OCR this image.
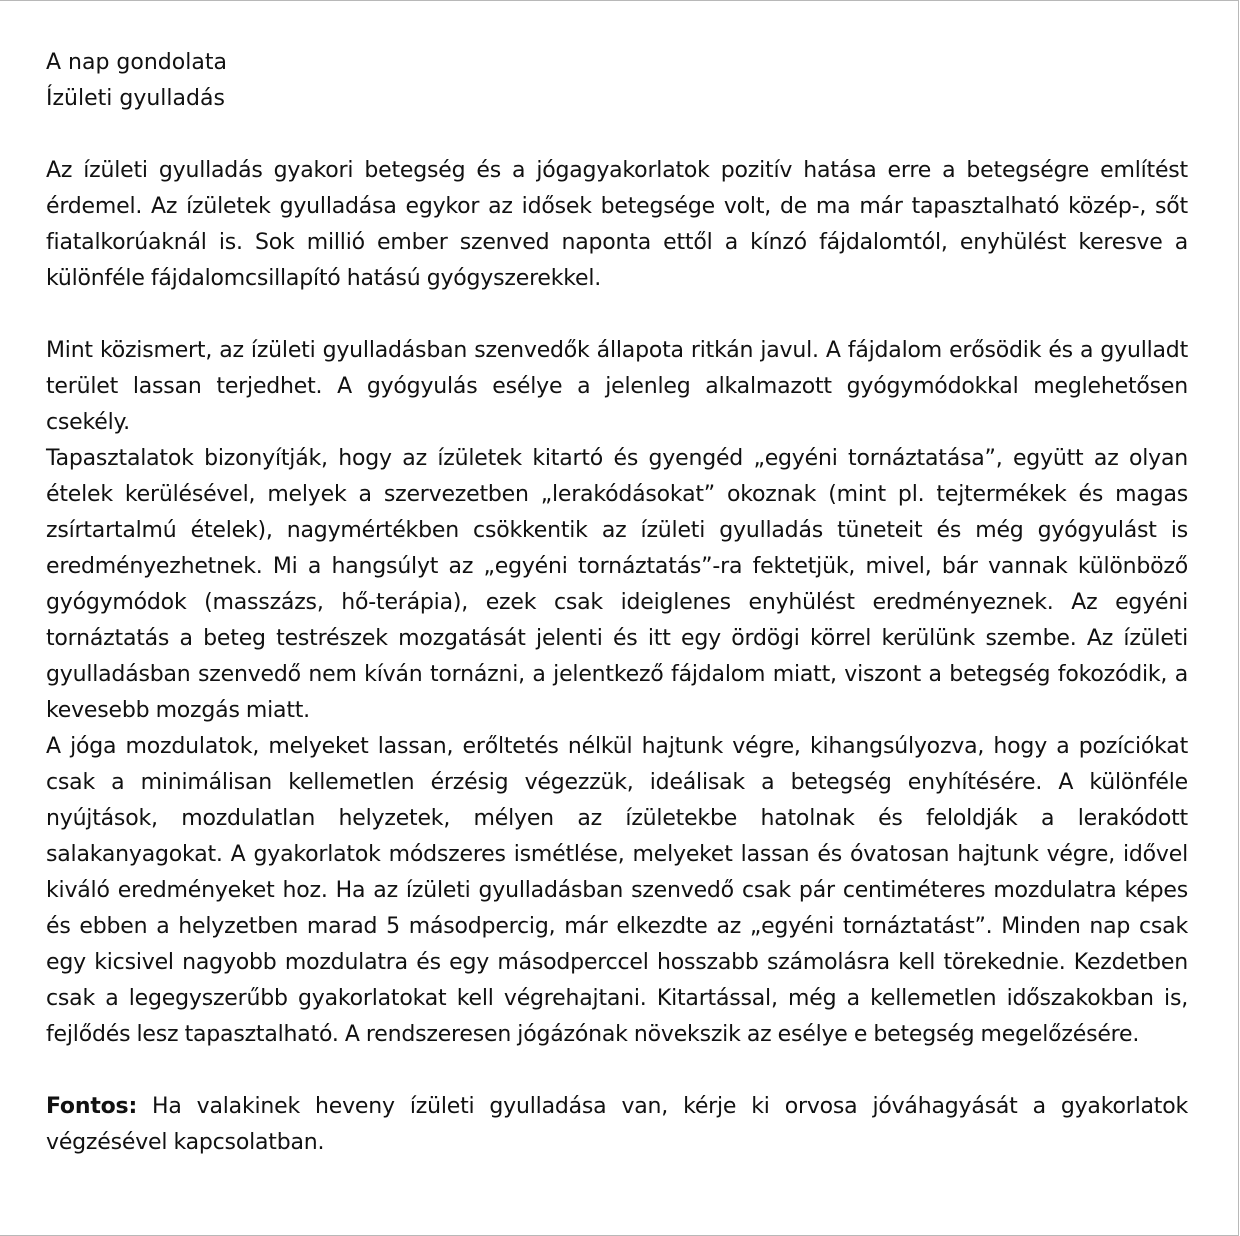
A nap gondolata
Ízületi gyulladás
Az ízületi gyulladás gyakori betegség és a jógagyakorlatok pozitív hatása erre a betegségre említést érdemel. Az ízületek gyulladása egykor az idősek betegsége volt, de ma már tapasztalható közép-, sőt fiatalkorúaknál is. Sok millió ember szenved naponta ettől a kínzó fájdalomtól, enyhülést keresve a különféle fájdalomcsillapító hatású gyógyszerekkel.
Mint közismert, az ízületi gyulladásban szenvedők állapota ritkán javul. A fájdalom erősödik és a gyulladt terület lassan terjedhet. A gyógyulás esélye a jelenleg alkalmazott gyógymódokkal meglehetősen csekély.
Tapasztalatok bizonyítják, hogy az ízületek kitartó és gyengéd „egyéni tornáztatása”, együtt az olyan ételek kerülésével, melyek a szervezetben „lerakódásokat” okoznak (mint pl. tejtermékek és magas zsírtartalmú ételek), nagymértékben csökkentik az ízületi gyulladás tüneteit és még gyógyulást is eredményezhetnek. Mi a hangsúlyt az „egyéni tornáztatás”-ra fektetjük, mivel, bár vannak különböző gyógymódok (masszázs, hő-terápia), ezek csak ideiglenes enyhülést eredményeznek. Az egyéni tornáztatás a beteg testrészek mozgatását jelenti és itt egy ördögi körrel kerülünk szembe. Az ízületi gyulladásban szenvedő nem kíván tornázni, a jelentkező fájdalom miatt, viszont a betegség fokozódik, a kevesebb mozgás miatt.
A jóga mozdulatok, melyeket lassan, erőltetés nélkül hajtunk végre, kihangsúlyozva, hogy a pozíciókat csak a minimálisan kellemetlen érzésig végezzük, ideálisak a betegség enyhítésére. A különféle nyújtások, mozdulatlan helyzetek, mélyen az ízületekbe hatolnak és feloldják a lerakódott salakanyagokat. A gyakorlatok módszeres ismétlése, melyeket lassan és óvatosan hajtunk végre, idővel kiváló eredményeket hoz. Ha az ízületi gyulladásban szenvedő csak pár centiméteres mozdulatra képes és ebben a helyzetben marad 5 másodpercig, már elkezdte az „egyéni tornáztatást”. Minden nap csak egy kicsivel nagyobb mozdulatra és egy másodperccel hosszabb számolásra kell törekednie. Kezdetben csak a legegyszerűbb gyakorlatokat kell végrehajtani. Kitartással, még a kellemetlen időszakokban is, fejlődés lesz tapasztalható. A rendszeresen jógázónak növekszik az esélye e betegség megelőzésére.
Fontos: Ha valakinek heveny ízületi gyulladása van, kérje ki orvosa jóváhagyását a gyakorlatok végzésével kapcsolatban.
